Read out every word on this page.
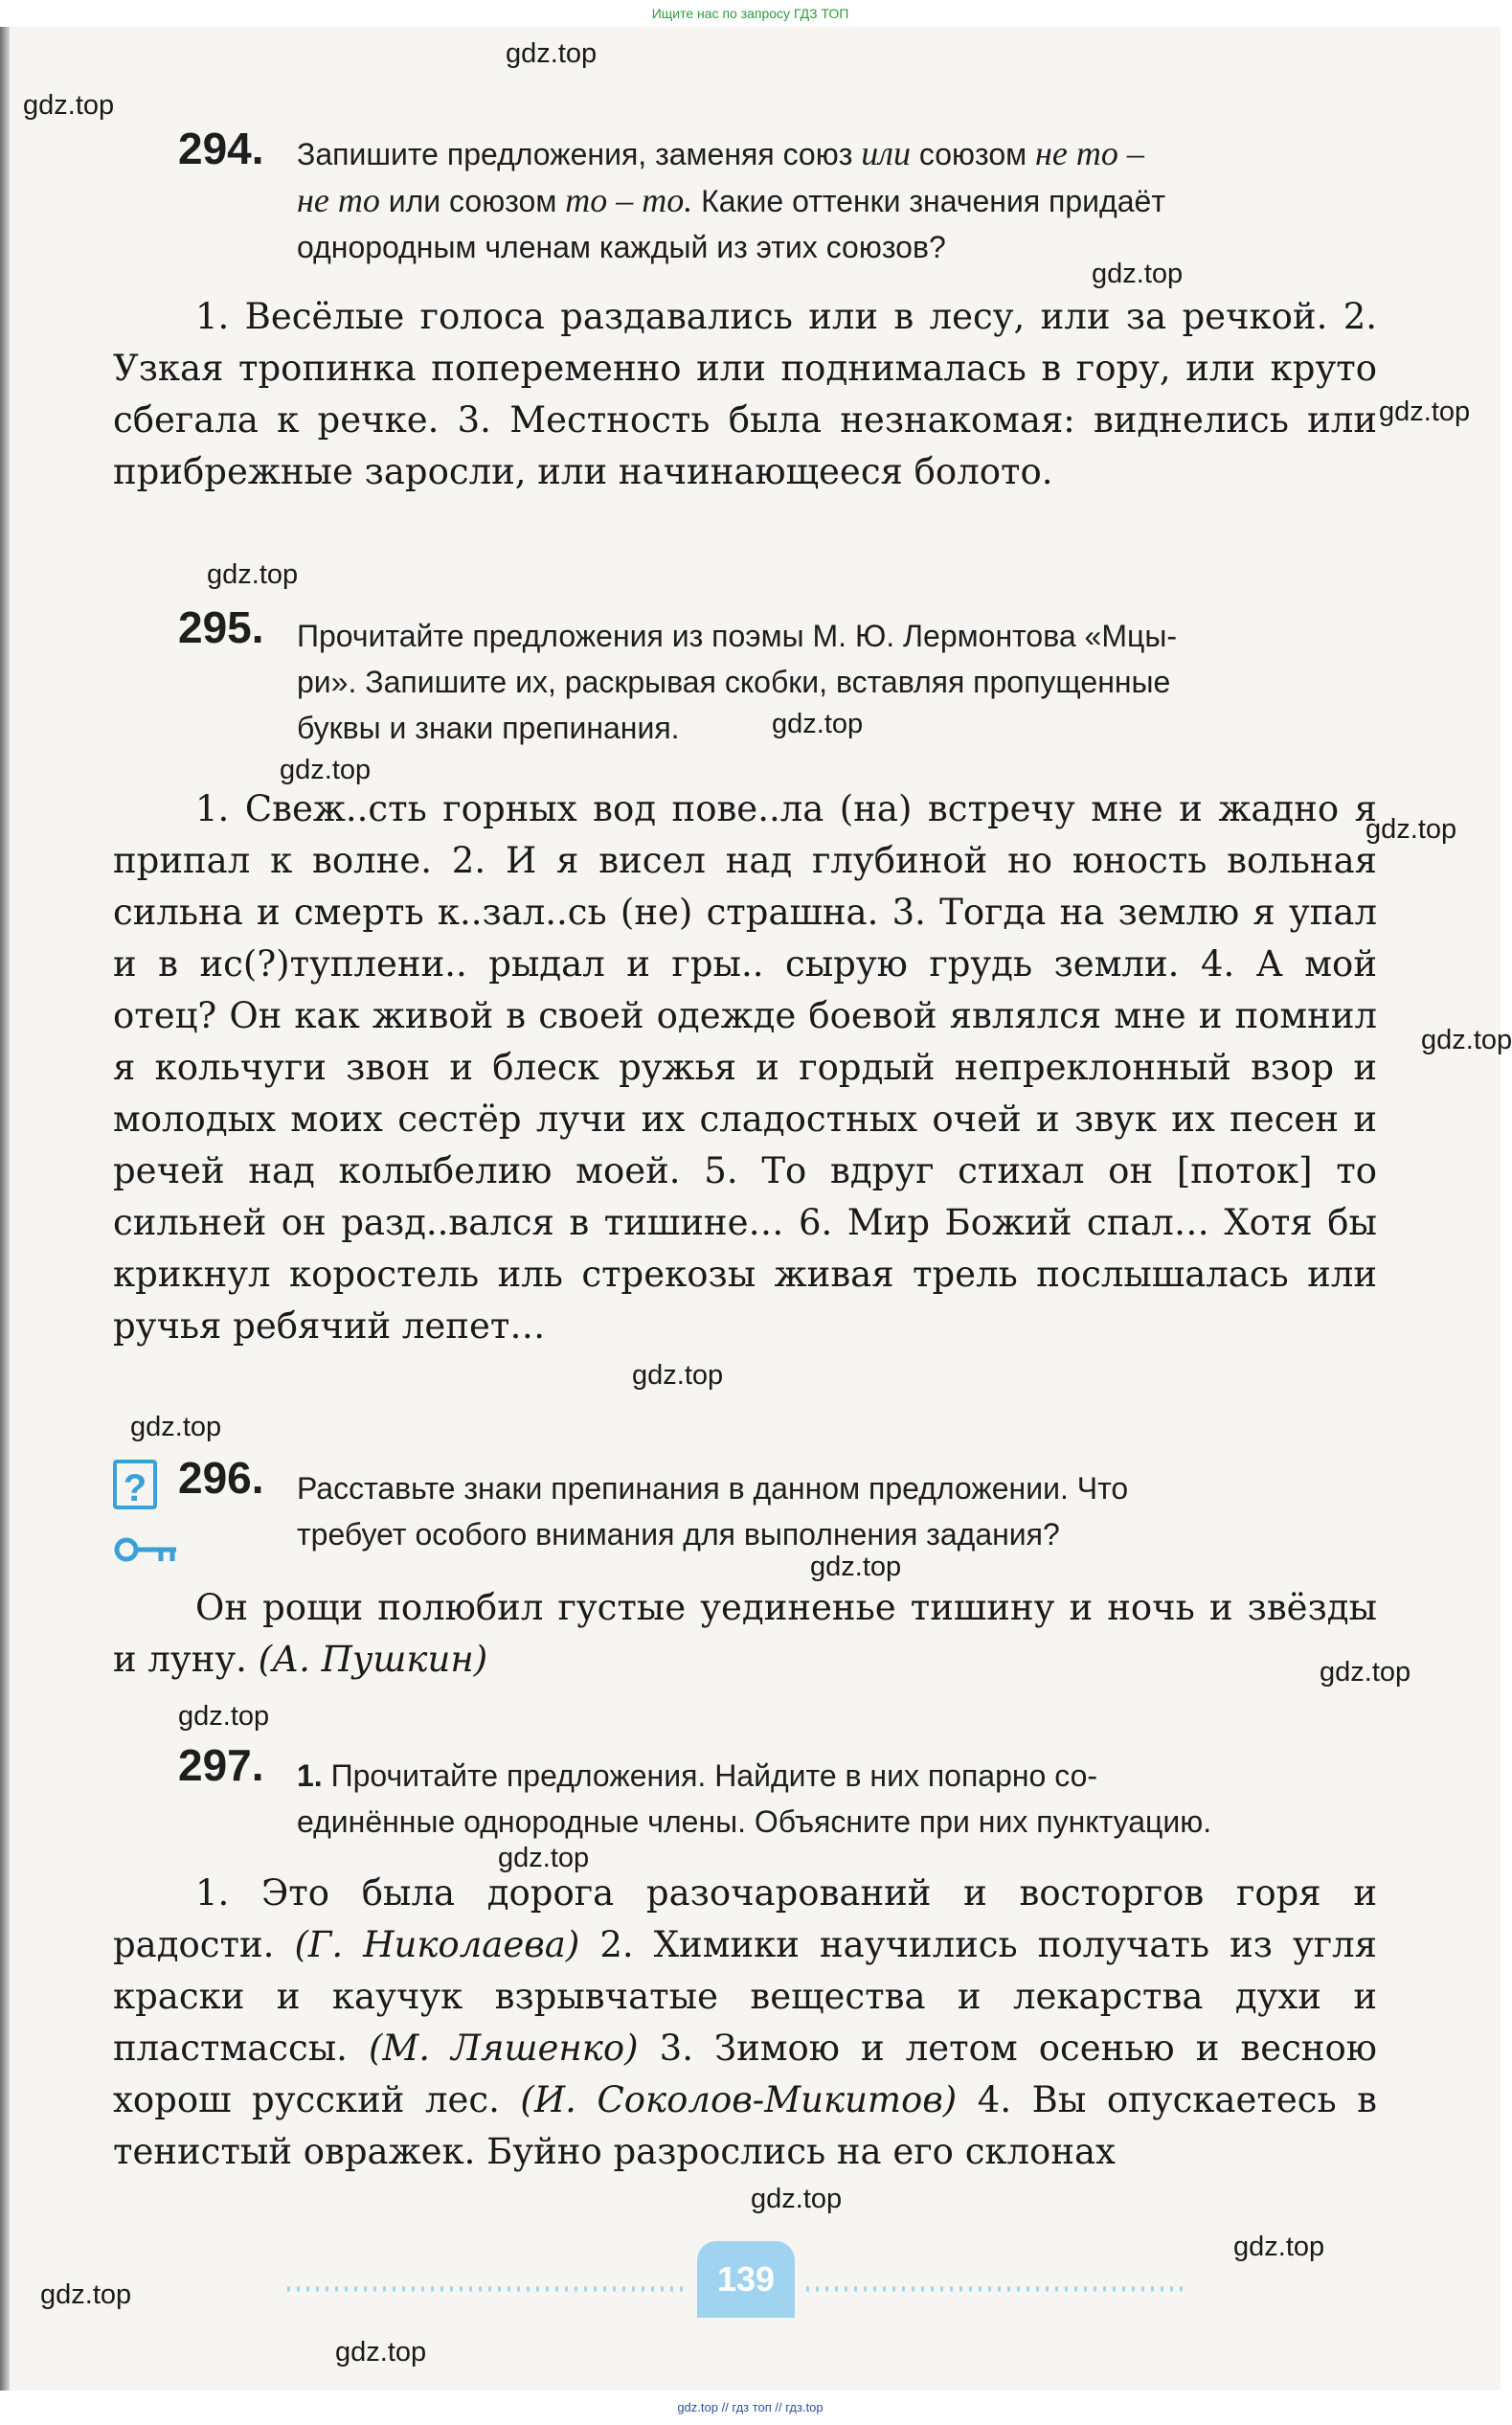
Ищите нас по запросу ГДЗ ТОП
294. Запишите предложения, заменяя союз или союзом не то –
не то или союзом то – то. Какие оттенки значения придаёт
однородным членам каждый из этих союзов?

1. Весёлые голоса раздавались или в лесу, или за речкой. 2. Узкая тропинка попеременно или поднималась в гору, или круто сбегала к речке. 3. Местность была незнакомая: виднелись или прибрежные заросли, или начинающееся болото.

295. Прочитайте предложения из поэмы М. Ю. Лермонтова «Мцы-
ри». Запишите их, раскрывая скобки, вставляя пропущенные
буквы и знаки препинания.

1. Свеж..сть горных вод пове..ла (на) встречу мне и жадно я припал к волне. 2. И я висел над глубиной но юность вольная сильна и смерть к..зал..сь (не) страшна. 3. Тогда на землю я упал и в ис(?)туплени.. рыдал и гры.. сырую грудь земли. 4. А мой отец? Он как живой в своей одежде боевой являлся мне и помнил я кольчуги звон и блеск ружья и гордый непреклонный взор и молодых моих сестёр лучи их сладостных очей и звук их песен и речей над колыбелию моей. 5. То вдруг стихал он [поток] то сильней он разд..вался в тишине… 6. Мир Божий спал… Хотя бы крикнул коростель иль стрекозы живая трель послышалась или ручья ребячий лепет…

? 296. Расставьте знаки препинания в данном предложении. Что
требует особого внимания для выполнения задания?

Он рощи полюбил густые уединенье тишину и ночь и звёзды и луну. (А. Пушкин)

297. 1. Прочитайте предложения. Найдите в них попарно со-
единённые однородные члены. Объясните при них пунктуацию.

1. Это была дорога разочарований и восторгов горя и радости. (Г. Николаева) 2. Химики научились получать из угля краски и каучук взрывчатые вещества и лекарства духи и пластмассы. (М. Ляшенко) 3. Зимою и летом осенью и весною хорош русский лес. (И. Соколов-Микитов) 4. Вы опускаетесь в тенистый овражек. Буйно разрослись на его склонах

139
gdz.top
gdz.top
gdz.top
gdz.top
gdz.top
gdz.top
gdz.top
gdz.top
gdz.top
gdz.top
gdz.top
gdz.top
gdz.top
gdz.top
gdz.top
gdz.top
gdz.top
gdz.top
gdz.top
gdz.top // гдз топ // гдз.top
